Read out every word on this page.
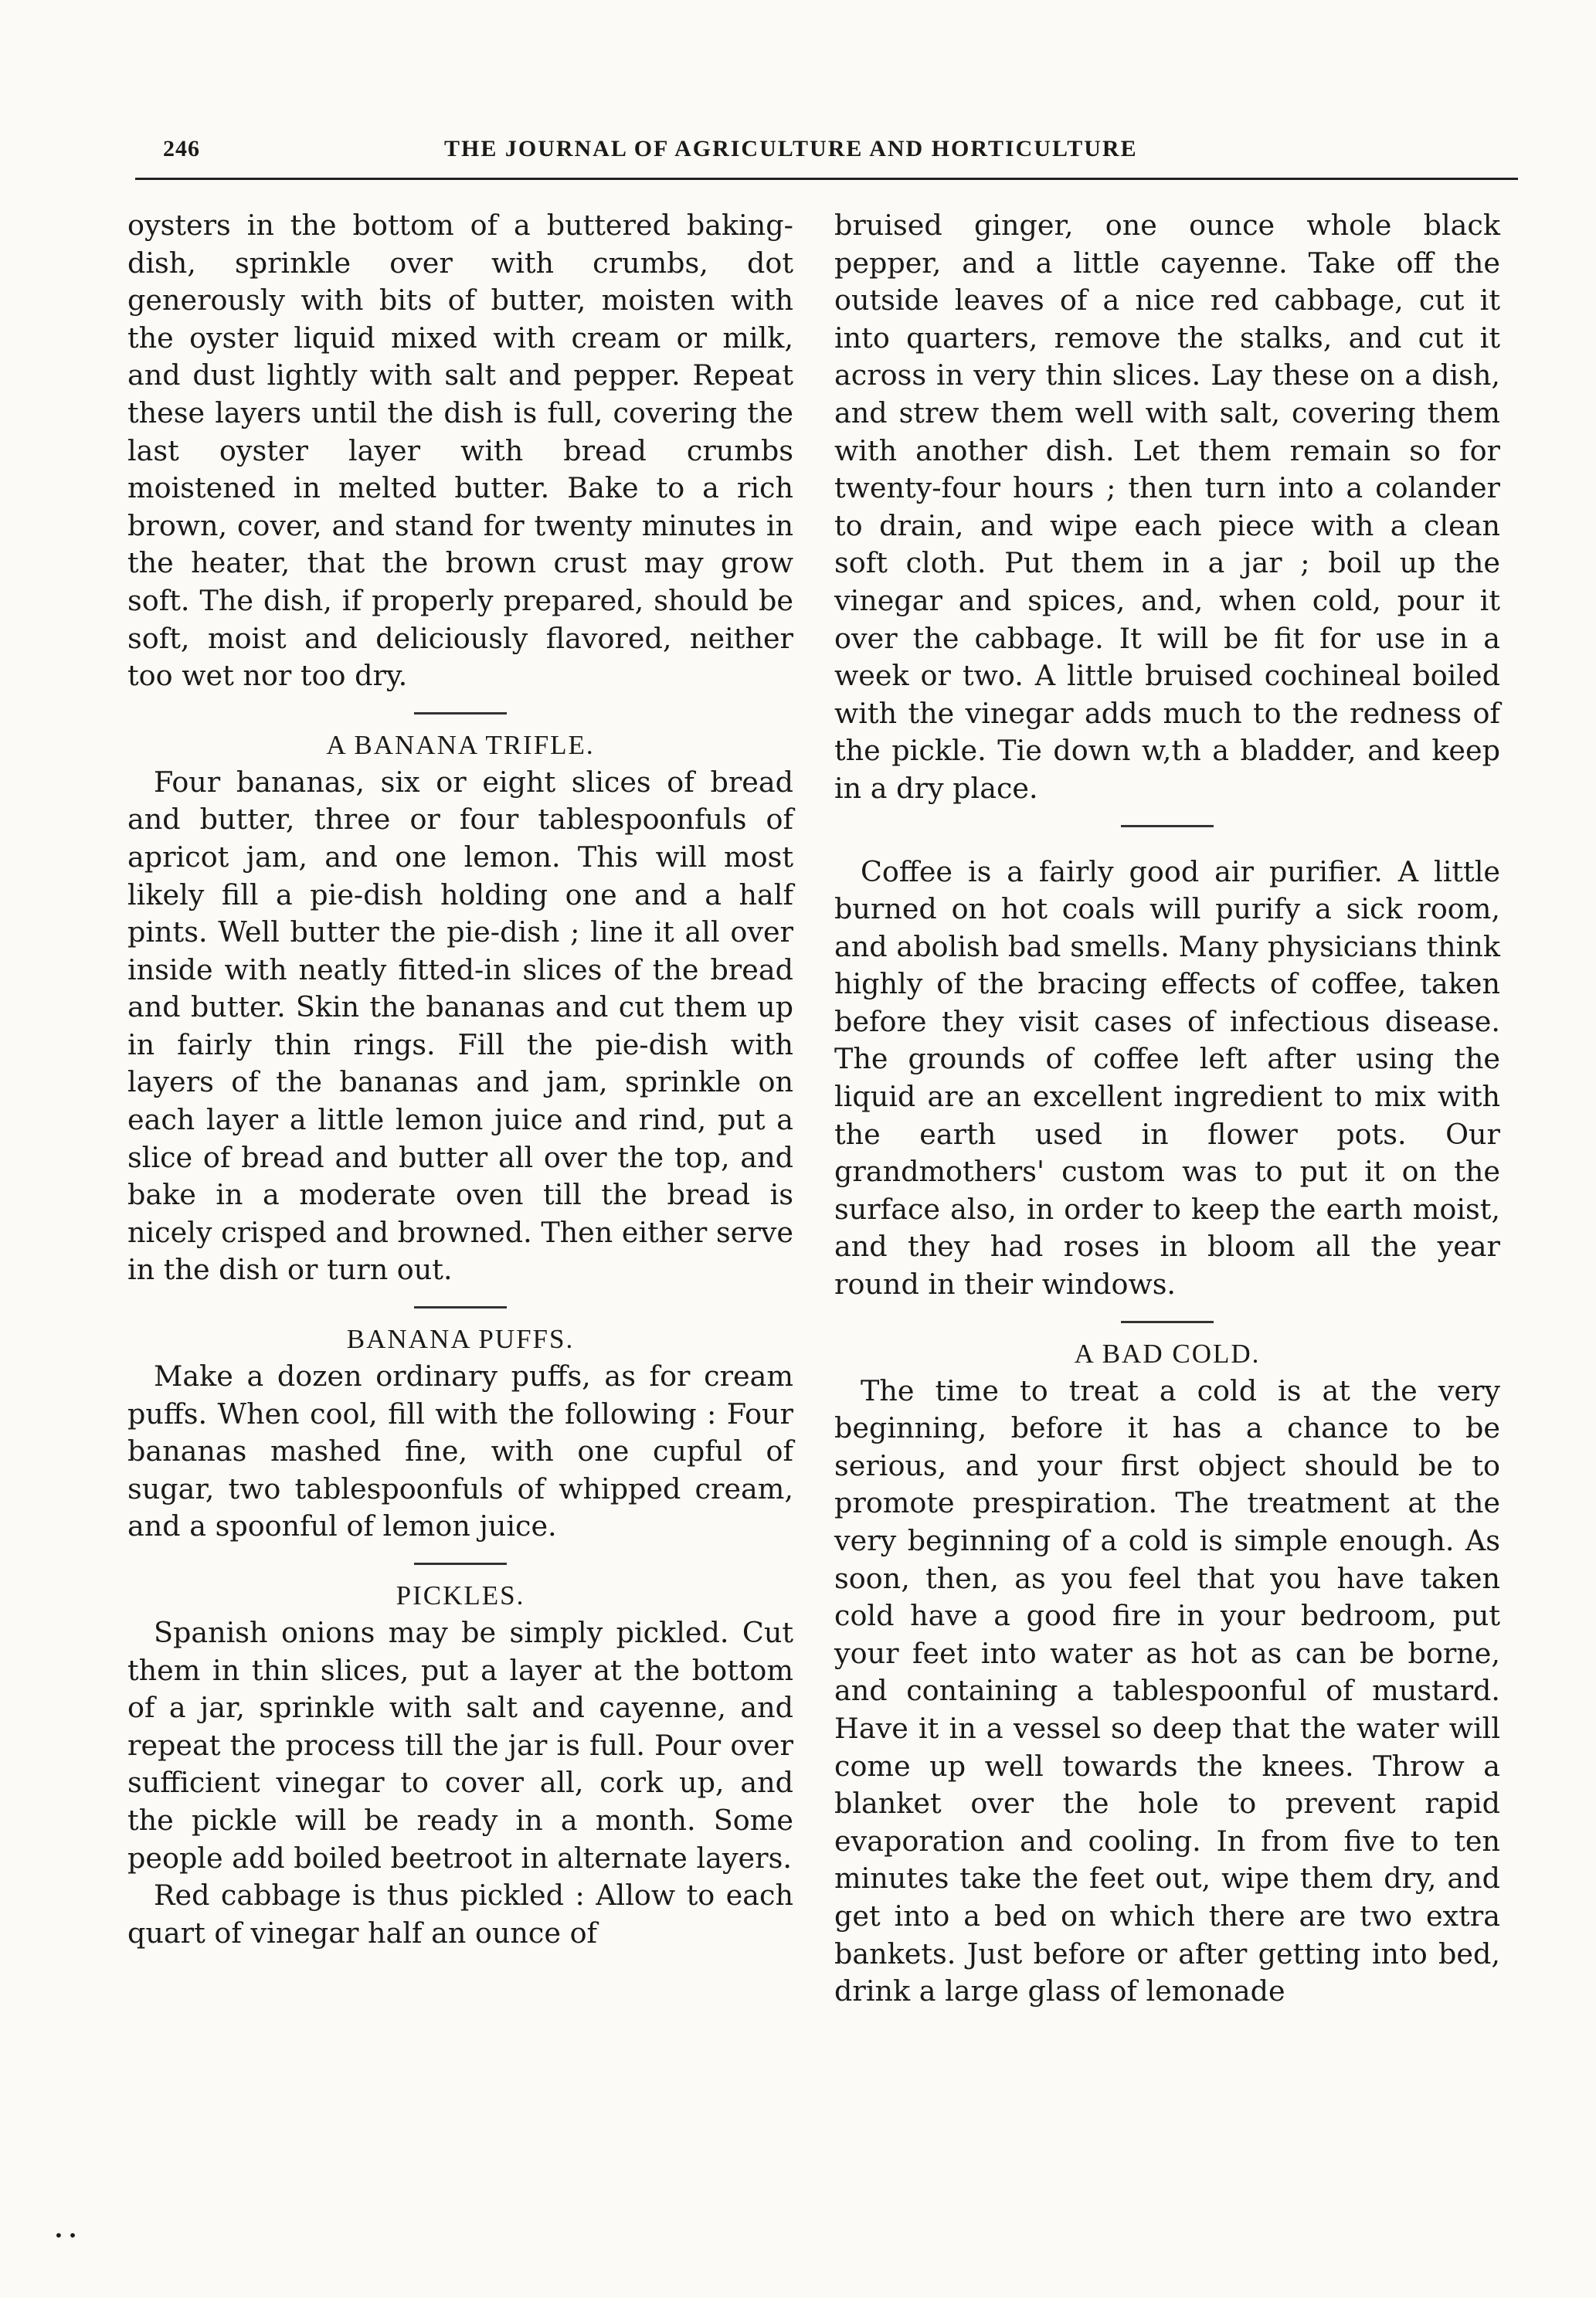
246	THE JOURNAL OF AGRICULTURE AND HORTICULTURE

oysters in the bottom of a buttered baking-dish, sprinkle over with crumbs, dot generously with bits of butter, moisten with the oyster liquid mixed with cream or milk, and dust lightly with salt and pepper. Repeat these layers until the dish is full, covering the last oyster layer with bread crumbs moistened in melted butter. Bake to a rich brown, cover, and stand for twenty minutes in the heater, that the brown crust may grow soft. The dish, if properly prepared, should be soft, moist and deliciously flavored, neither too wet nor too dry.

A BANANA TRIFLE.

Four bananas, six or eight slices of bread and butter, three or four tablespoonfuls of apricot jam, and one lemon. This will most likely fill a pie-dish holding one and a half pints. Well butter the pie-dish ; line it all over inside with neatly fitted-in slices of the bread and butter. Skin the bananas and cut them up in fairly thin rings. Fill the pie-dish with layers of the bananas and jam, sprinkle on each layer a little lemon juice and rind, put a slice of bread and butter all over the top, and bake in a moderate oven till the bread is nicely crisped and browned. Then either serve in the dish or turn out.

BANANA PUFFS.

Make a dozen ordinary puffs, as for cream puffs. When cool, fill with the following : Four bananas mashed fine, with one cupful of sugar, two tablespoonfuls of whipped cream, and a spoonful of lemon juice.

PICKLES.

Spanish onions may be simply pickled. Cut them in thin slices, put a layer at the bottom of a jar, sprinkle with salt and cayenne, and repeat the process till the jar is full. Pour over sufficient vinegar to cover all, cork up, and the pickle will be ready in a month. Some people add boiled beetroot in alternate layers.

Red cabbage is thus pickled : Allow to each quart of vinegar half an ounce of

bruised ginger, one ounce whole black pepper, and a little cayenne. Take off the outside leaves of a nice red cabbage, cut it into quarters, remove the stalks, and cut it across in very thin slices. Lay these on a dish, and strew them well with salt, covering them with another dish. Let them remain so for twenty-four hours ; then turn into a colander to drain, and wipe each piece with a clean soft cloth. Put them in a jar ; boil up the vinegar and spices, and, when cold, pour it over the cabbage. It will be fit for use in a week or two. A little bruised cochineal boiled with the vinegar adds much to the redness of the pickle. Tie down w,th a bladder, and keep in a dry place.

Coffee is a fairly good air purifier. A little burned on hot coals will purify a sick room, and abolish bad smells. Many physicians think highly of the bracing effects of coffee, taken before they visit cases of infectious disease. The grounds of coffee left after using the liquid are an excellent ingredient to mix with the earth used in flower pots. Our grandmothers' custom was to put it on the surface also, in order to keep the earth moist, and they had roses in bloom all the year round in their windows.

A BAD COLD.

The time to treat a cold is at the very beginning, before it has a chance to be serious, and your first object should be to promote prespiration. The treatment at the very beginning of a cold is simple enough. As soon, then, as you feel that you have taken cold have a good fire in your bedroom, put your feet into water as hot as can be borne, and containing a tablespoonful of mustard. Have it in a vessel so deep that the water will come up well towards the knees. Throw a blanket over the hole to prevent rapid evaporation and cooling. In from five to ten minutes take the feet out, wipe them dry, and get into a bed on which there are two extra bankets. Just before or after getting into bed, drink a large glass of lemonade

• •
